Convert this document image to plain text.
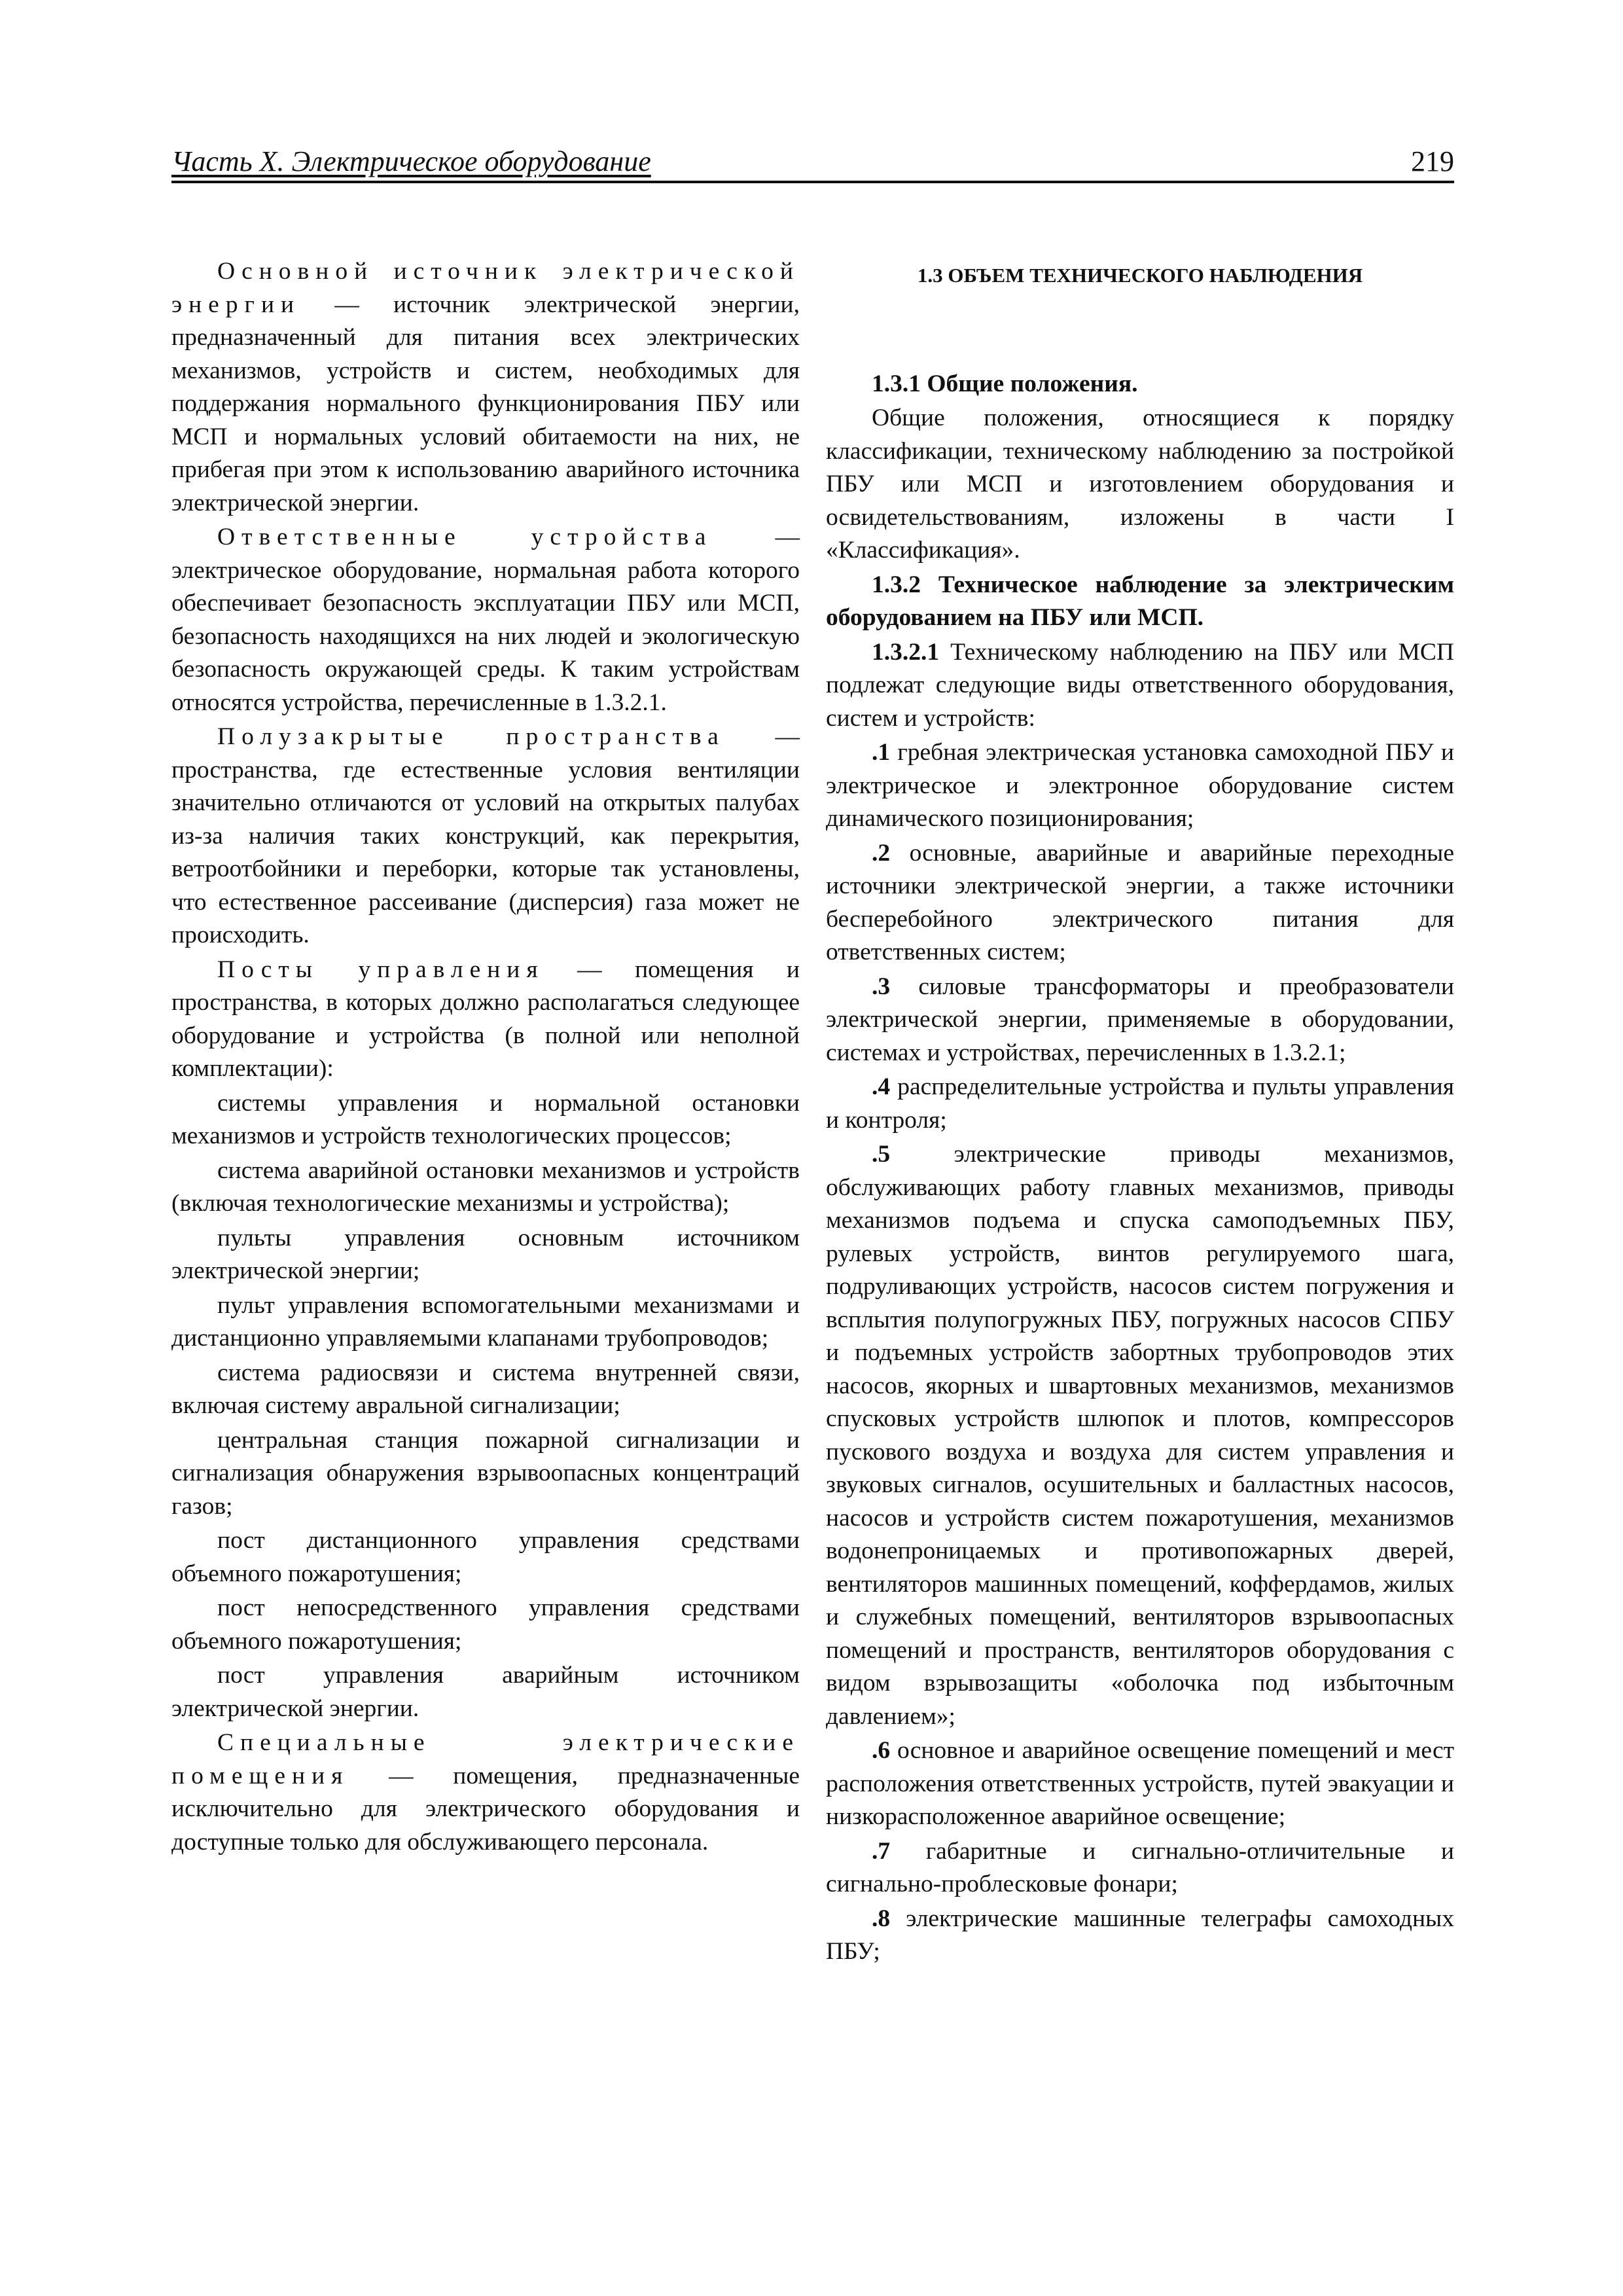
Часть X. Электрическое оборудование	219

Основной источник электрической энергии — источник электрической энергии, предназначенный для питания всех электрических механизмов, устройств и систем, необходимых для поддержания нормального функционирования ПБУ или МСП и нормальных условий обитаемости на них, не прибегая при этом к использованию аварийного источника электрической энергии.

Ответственные устройства — электрическое оборудование, нормальная работа которого обеспечивает безопасность эксплуатации ПБУ или МСП, безопасность находящихся на них людей и экологическую безопасность окружающей среды. К таким устройствам относятся устройства, перечисленные в 1.3.2.1.

Полузакрытые пространства — пространства, где естественные условия вентиляции значительно отличаются от условий на открытых палубах из-за наличия таких конструкций, как перекрытия, ветроотбойники и переборки, которые так установлены, что естественное рассеивание (дисперсия) газа может не происходить.

Посты управления — помещения и пространства, в которых должно располагаться следующее оборудование и устройства (в полной или неполной комплектации):

системы управления и нормальной остановки механизмов и устройств технологических процессов;

система аварийной остановки механизмов и устройств (включая технологические механизмы и устройства);

пульты управления основным источником электрической энергии;

пульт управления вспомогательными механизмами и дистанционно управляемыми клапанами трубопроводов;

система радиосвязи и система внутренней связи, включая систему авральной сигнализации;

центральная станция пожарной сигнализации и сигнализация обнаружения взрывоопасных концентраций газов;

пост дистанционного управления средствами объемного пожаротушения;

пост непосредственного управления средствами объемного пожаротушения;

пост управления аварийным источником электрической энергии.

Специальные электрические помещения — помещения, предназначенные исключительно для электрического оборудования и доступные только для обслуживающего персонала.

1.3 ОБЪЕМ ТЕХНИЧЕСКОГО НАБЛЮДЕНИЯ

1.3.1 Общие положения.

Общие положения, относящиеся к порядку классификации, техническому наблюдению за постройкой ПБУ или МСП и изготовлением оборудования и освидетельствованиям, изложены в части I «Классификация».

1.3.2 Техническое наблюдение за электрическим оборудованием на ПБУ или МСП.

1.3.2.1 Техническому наблюдению на ПБУ или МСП подлежат следующие виды ответственного оборудования, систем и устройств:

.1 гребная электрическая установка самоходной ПБУ и электрическое и электронное оборудование систем динамического позиционирования;

.2 основные, аварийные и аварийные переходные источники электрической энергии, а также источники бесперебойного электрического питания для ответственных систем;

.3 силовые трансформаторы и преобразователи электрической энергии, применяемые в оборудовании, системах и устройствах, перечисленных в 1.3.2.1;

.4 распределительные устройства и пульты управления и контроля;

.5 электрические приводы механизмов, обслуживающих работу главных механизмов, приводы механизмов подъема и спуска самоподъемных ПБУ, рулевых устройств, винтов регулируемого шага, подруливающих устройств, насосов систем погружения и всплытия полупогружных ПБУ, погружных насосов СПБУ и подъемных устройств забортных трубопроводов этих насосов, якорных и швартовных механизмов, механизмов спусковых устройств шлюпок и плотов, компрессоров пускового воздуха и воздуха для систем управления и звуковых сигналов, осушительных и балластных насосов, насосов и устройств систем пожаротушения, механизмов водонепроницаемых и противопожарных дверей, вентиляторов машинных помещений, коффердамов, жилых и служебных помещений, вентиляторов взрывоопасных помещений и пространств, вентиляторов оборудования с видом взрывозащиты «оболочка под избыточным давлением»;

.6 основное и аварийное освещение помещений и мест расположения ответственных устройств, путей эвакуации и низкорасположенное аварийное освещение;

.7 габаритные и сигнально-отличительные и сигнально-проблесковые фонари;

.8 электрические машинные телеграфы самоходных ПБУ;
